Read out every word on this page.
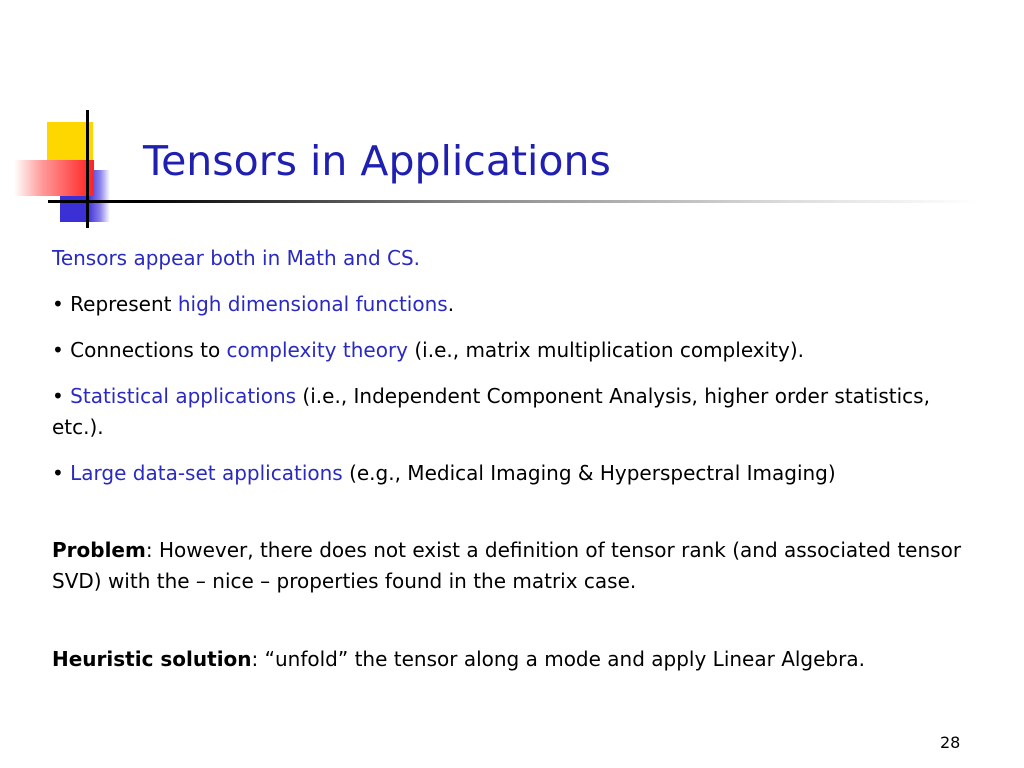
Tensors in Applications

Tensors appear both in Math and CS.

• Represent high dimensional functions.

• Connections to complexity theory (i.e., matrix multiplication complexity).

• Statistical applications (i.e., Independent Component Analysis, higher order statistics, etc.).

• Large data-set applications (e.g., Medical Imaging & Hyperspectral Imaging)

Problem: However, there does not exist a definition of tensor rank (and associated tensor SVD) with the – nice – properties found in the matrix case.

Heuristic solution: “unfold” the tensor along a mode and apply Linear Algebra.

28
